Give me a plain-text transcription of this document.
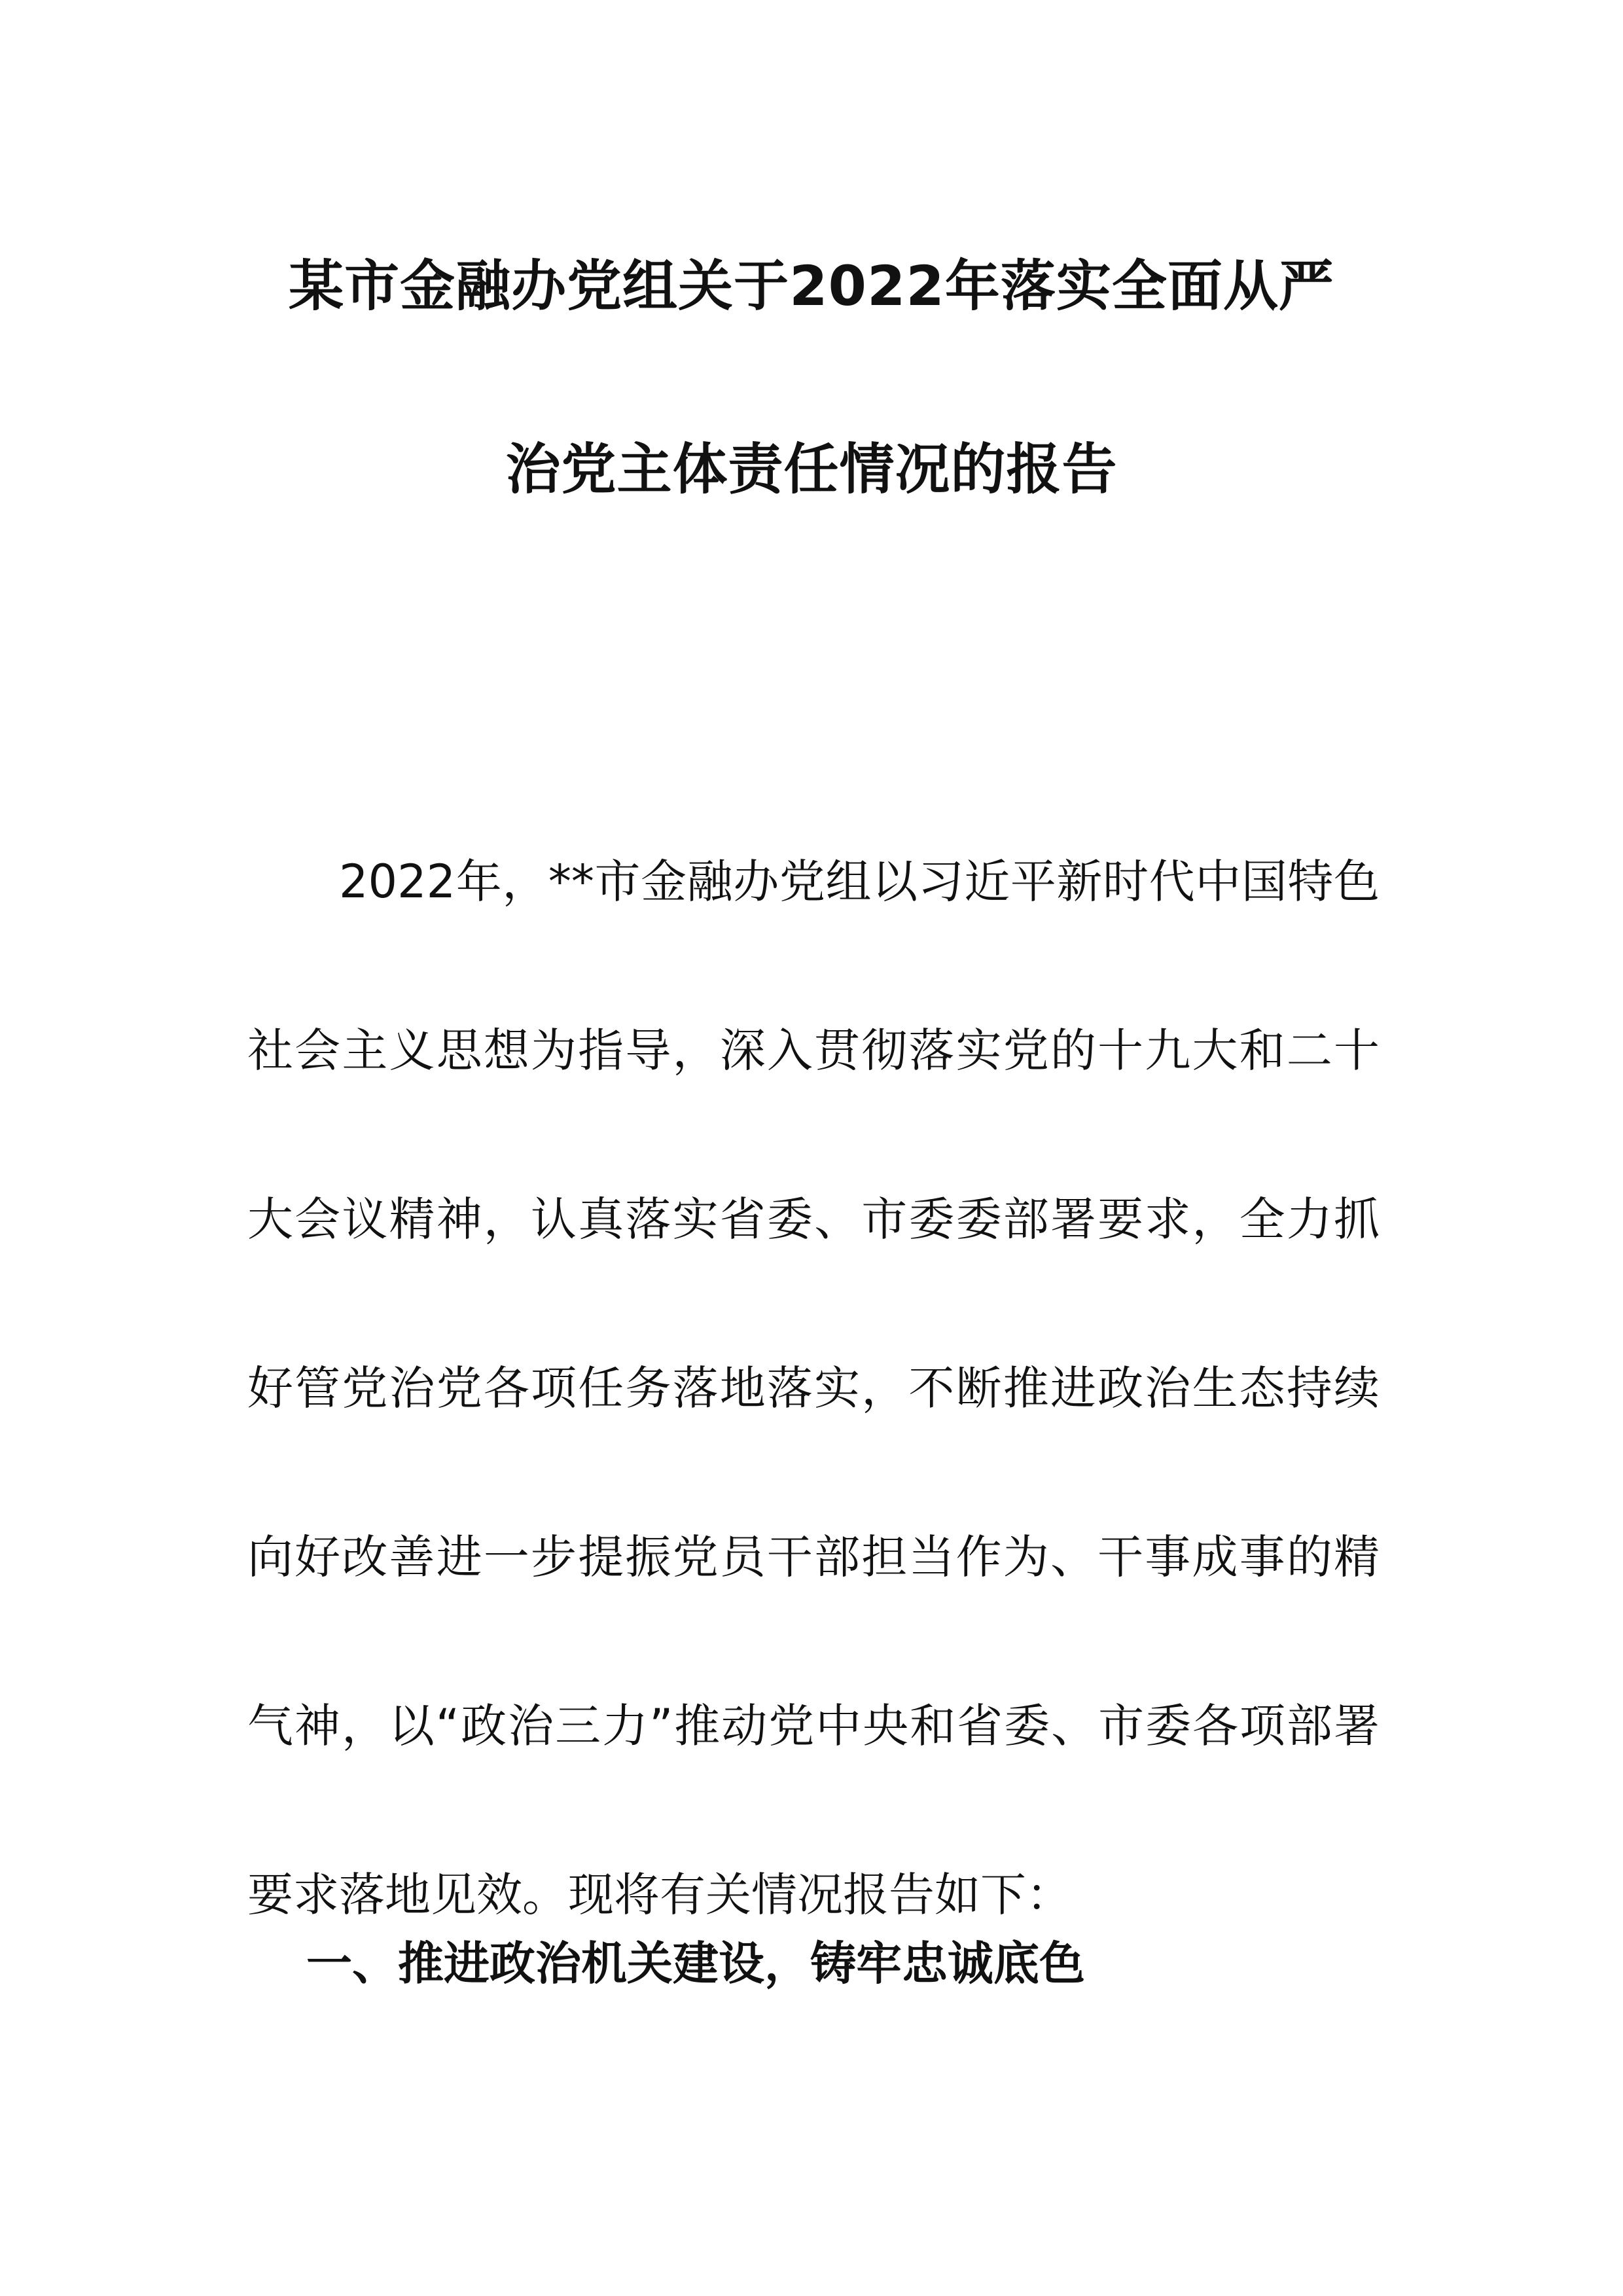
某市金融办党组关于2022年落实全面从严
治党主体责任情况的报告

2022年，**市金融办党组以习近平新时代中国特色社会主义思想为指导，深入贯彻落实党的十九大和二十大会议精神，认真落实省委、市委委部署要求，全力抓好管党治党各项任务落地落实，不断推进政治生态持续向好改善进一步提振党员干部担当作为、干事成事的精气神，以“政治三力”推动党中央和省委、市委各项部署要求落地见效。现将有关情况报告如下：

一、推进政治机关建设，铸牢忠诚底色
